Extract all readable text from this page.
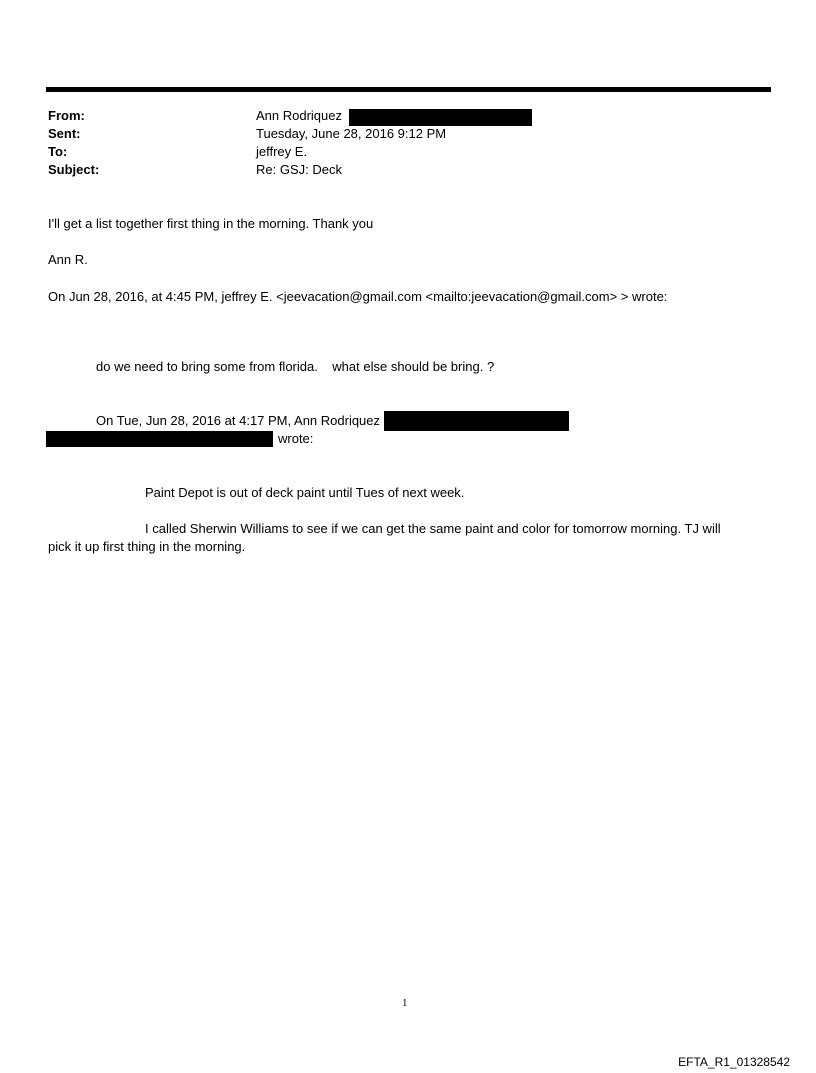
From:	Ann Rodriquez
Sent:	Tuesday, June 28, 2016 9:12 PM
To:	jeffrey E.
Subject:	Re: GSJ: Deck
I'll get a list together first thing in the morning. Thank you
Ann R.
On Jun 28, 2016, at 4:45 PM, jeffrey E. <jeevacation@gmail.com <mailto:jeevacation@gmail.com> > wrote:
do we need to bring some from florida.    what else should be bring. ?
On Tue, Jun 28, 2016 at 4:17 PM, Ann Rodriquez
wrote:
Paint Depot is out of deck paint until Tues of next week.
I called Sherwin Williams to see if we can get the same paint and color for tomorrow morning. TJ will
pick it up first thing in the morning.
1
EFTA_R1_01328542
